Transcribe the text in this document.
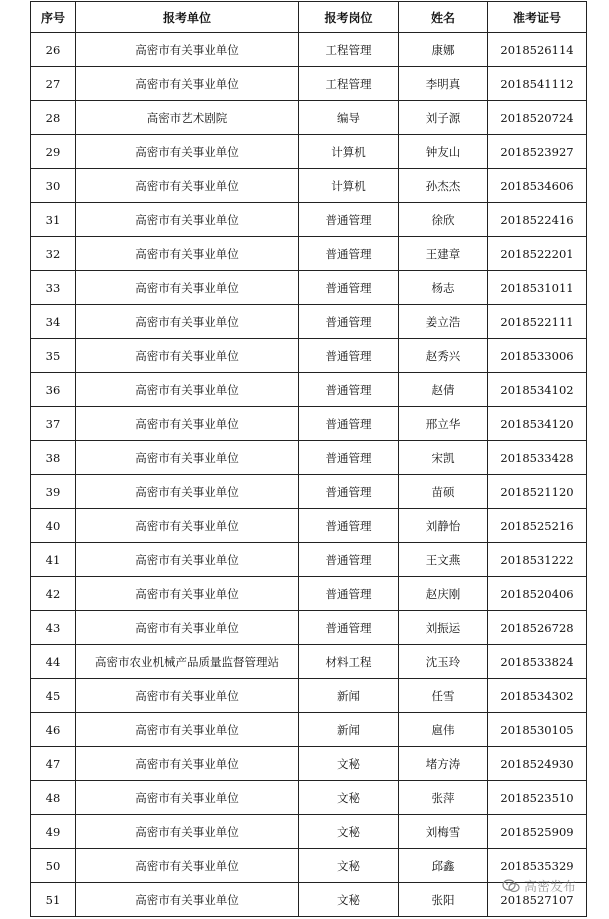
序号	报考单位	报考岗位	姓名	准考证号
26	高密市有关事业单位	工程管理	康娜	2018526114
27	高密市有关事业单位	工程管理	李明真	2018541112
28	高密市艺术剧院	编导	刘子源	2018520724
29	高密市有关事业单位	计算机	钟友山	2018523927
30	高密市有关事业单位	计算机	孙杰杰	2018534606
31	高密市有关事业单位	普通管理	徐欣	2018522416
32	高密市有关事业单位	普通管理	王建章	2018522201
33	高密市有关事业单位	普通管理	杨志	2018531011
34	高密市有关事业单位	普通管理	姜立浩	2018522111
35	高密市有关事业单位	普通管理	赵秀兴	2018533006
36	高密市有关事业单位	普通管理	赵倩	2018534102
37	高密市有关事业单位	普通管理	邢立华	2018534120
38	高密市有关事业单位	普通管理	宋凯	2018533428
39	高密市有关事业单位	普通管理	苗硕	2018521120
40	高密市有关事业单位	普通管理	刘静怡	2018525216
41	高密市有关事业单位	普通管理	王文燕	2018531222
42	高密市有关事业单位	普通管理	赵庆刚	2018520406
43	高密市有关事业单位	普通管理	刘振运	2018526728
44	高密市农业机械产品质量监督管理站	材料工程	沈玉玲	2018533824
45	高密市有关事业单位	新闻	任雪	2018534302
46	高密市有关事业单位	新闻	扈伟	2018530105
47	高密市有关事业单位	文秘	堵方涛	2018524930
48	高密市有关事业单位	文秘	张萍	2018523510
49	高密市有关事业单位	文秘	刘梅雪	2018525909
50	高密市有关事业单位	文秘	邱鑫	2018535329
51	高密市有关事业单位	文秘	张阳	2018527107
高密发布
